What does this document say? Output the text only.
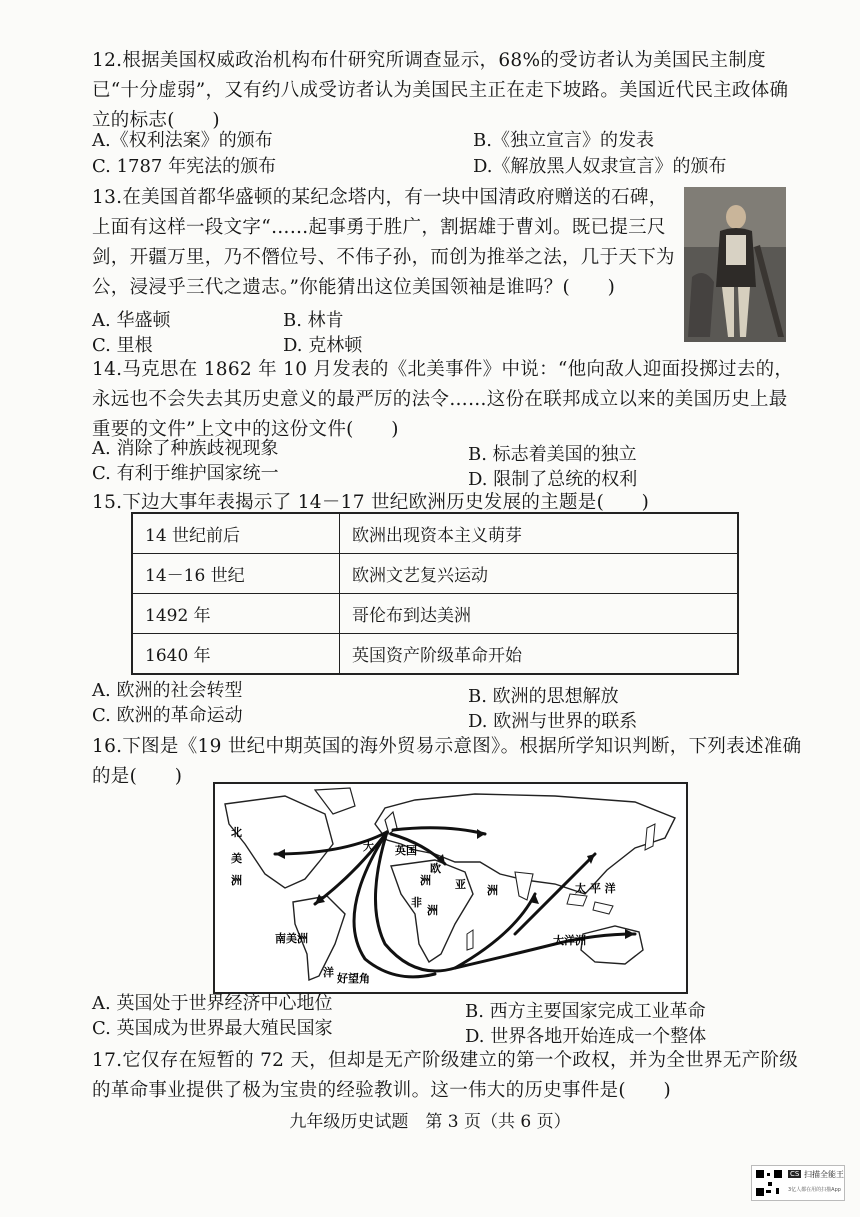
12.根据美国权威政治机构布什研究所调查显示，68%的受访者认为美国民主制度已“十分虚弱”，又有约八成受访者认为美国民主正在走下坡路。美国近代民主政体确立的标志(　　)
A.《权利法案》的颁布	B.《独立宣言》的发表
C. 1787 年宪法的颁布	D.《解放黑人奴隶宣言》的颁布
13.在美国首都华盛顿的某纪念塔内，有一块中国清政府赠送的石碑，上面有这样一段文字“……起事勇于胜广，割据雄于曹刘。既已提三尺剑，开疆万里，乃不僭位号、不伟子孙，而创为推举之法，几于天下为公，浸浸乎三代之遗志。”你能猜出这位美国领袖是谁吗？(　　)
A. 华盛顿	B. 林肯
C. 里根	D. 克林顿
14.马克思在 1862 年 10 月发表的《北美事件》中说：“他向敌人迎面投掷过去的，永远也不会失去其历史意义的最严厉的法令……这份在联邦成立以来的美国历史上最重要的文件”上文中的这份文件(　　)
A. 消除了种族歧视现象	B. 标志着美国的独立
C. 有利于维护国家统一	D. 限制了总统的权利
15.下边大事年表揭示了 14－17 世纪欧洲历史发展的主题是(　　)
14 世纪前后	欧洲出现资本主义萌芽
14－16 世纪	欧洲文艺复兴运动
1492 年	哥伦布到达美洲
1640 年	英国资产阶级革命开始
A. 欧洲的社会转型	B. 欧洲的思想解放
C. 欧洲的革命运动	D. 欧洲与世界的联系
16.下图是《19 世纪中期英国的海外贸易示意图》。根据所学知识判断，下列表述准确的是(　　)
北
美
洲
大 英国
欧
洲 亚 洲
非
洲
南美洲
洋 好望角
大洋洲
太 平 洋
A. 英国处于世界经济中心地位	B. 西方主要国家完成工业革命
C. 英国成为世界最大殖民国家	D. 世界各地开始连成一个整体
17.它仅存在短暂的 72 天，但却是无产阶级建立的第一个政权，并为全世界无产阶级的革命事业提供了极为宝贵的经验教训。这一伟大的历史事件是(　　)
九年级历史试题　第 3 页（共 6 页）
CS 扫描全能王
3亿人都在用的扫描App
